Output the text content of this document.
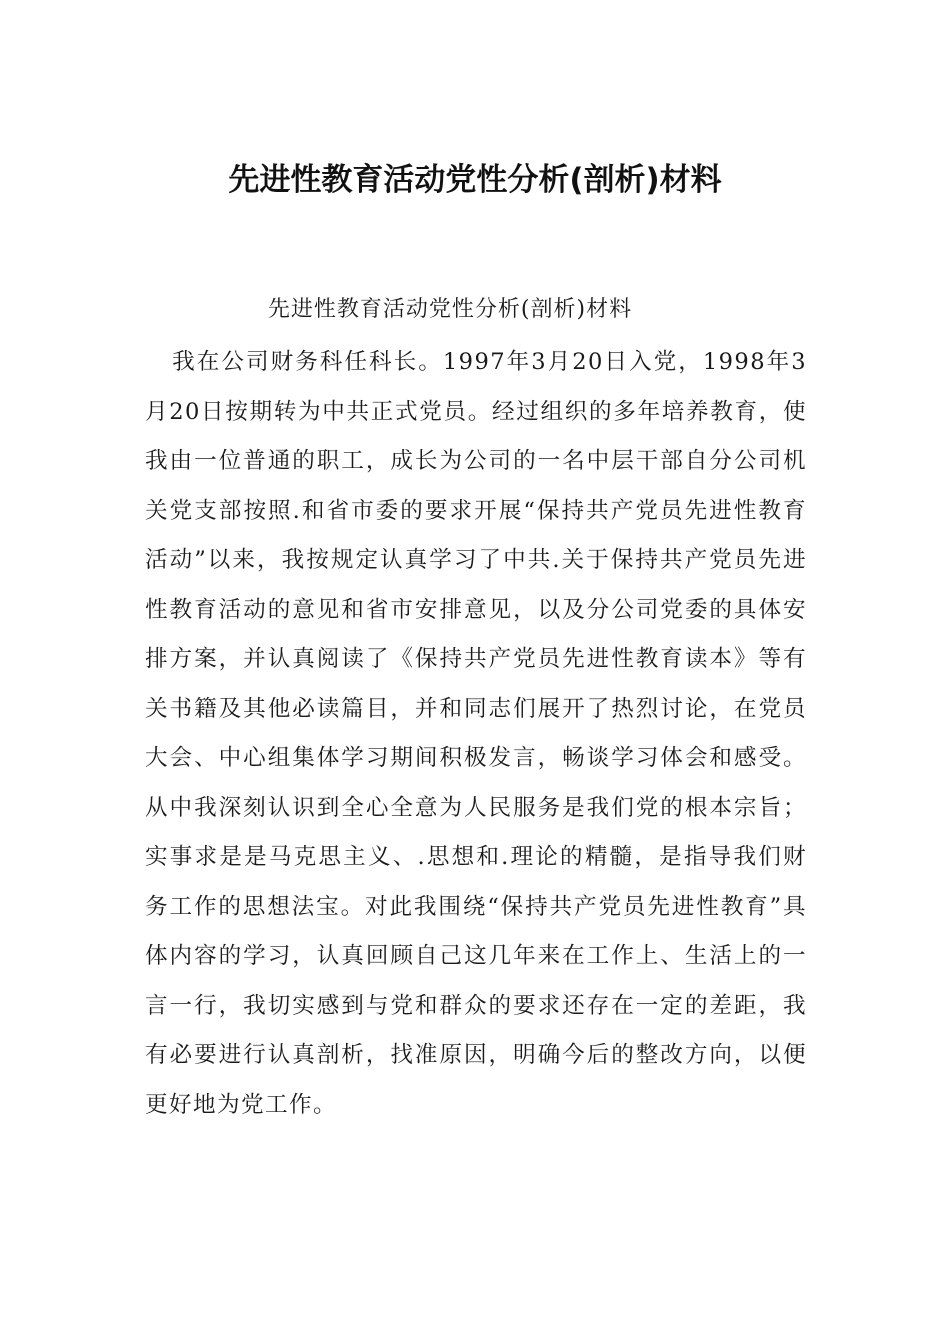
先进性教育活动党性分析(剖析)材料

先进性教育活动党性分析(剖析)材料

我在公司财务科任科长。1997年3月20日入党，1998年3月20日按期转为中共正式党员。经过组织的多年培养教育，使我由一位普通的职工，成长为公司的一名中层干部自分公司机关党支部按照.和省市委的要求开展“保持共产党员先进性教育活动”以来，我按规定认真学习了中共.关于保持共产党员先进性教育活动的意见和省市安排意见，以及分公司党委的具体安排方案，并认真阅读了《保持共产党员先进性教育读本》等有关书籍及其他必读篇目，并和同志们展开了热烈讨论，在党员大会、中心组集体学习期间积极发言，畅谈学习体会和感受。从中我深刻认识到全心全意为人民服务是我们党的根本宗旨；实事求是是马克思主义、.思想和.理论的精髓，是指导我们财务工作的思想法宝。对此我围绕“保持共产党员先进性教育”具体内容的学习，认真回顾自己这几年来在工作上、生活上的一言一行，我切实感到与党和群众的要求还存在一定的差距，我有必要进行认真剖析，找准原因，明确今后的整改方向，以便更好地为党工作。
